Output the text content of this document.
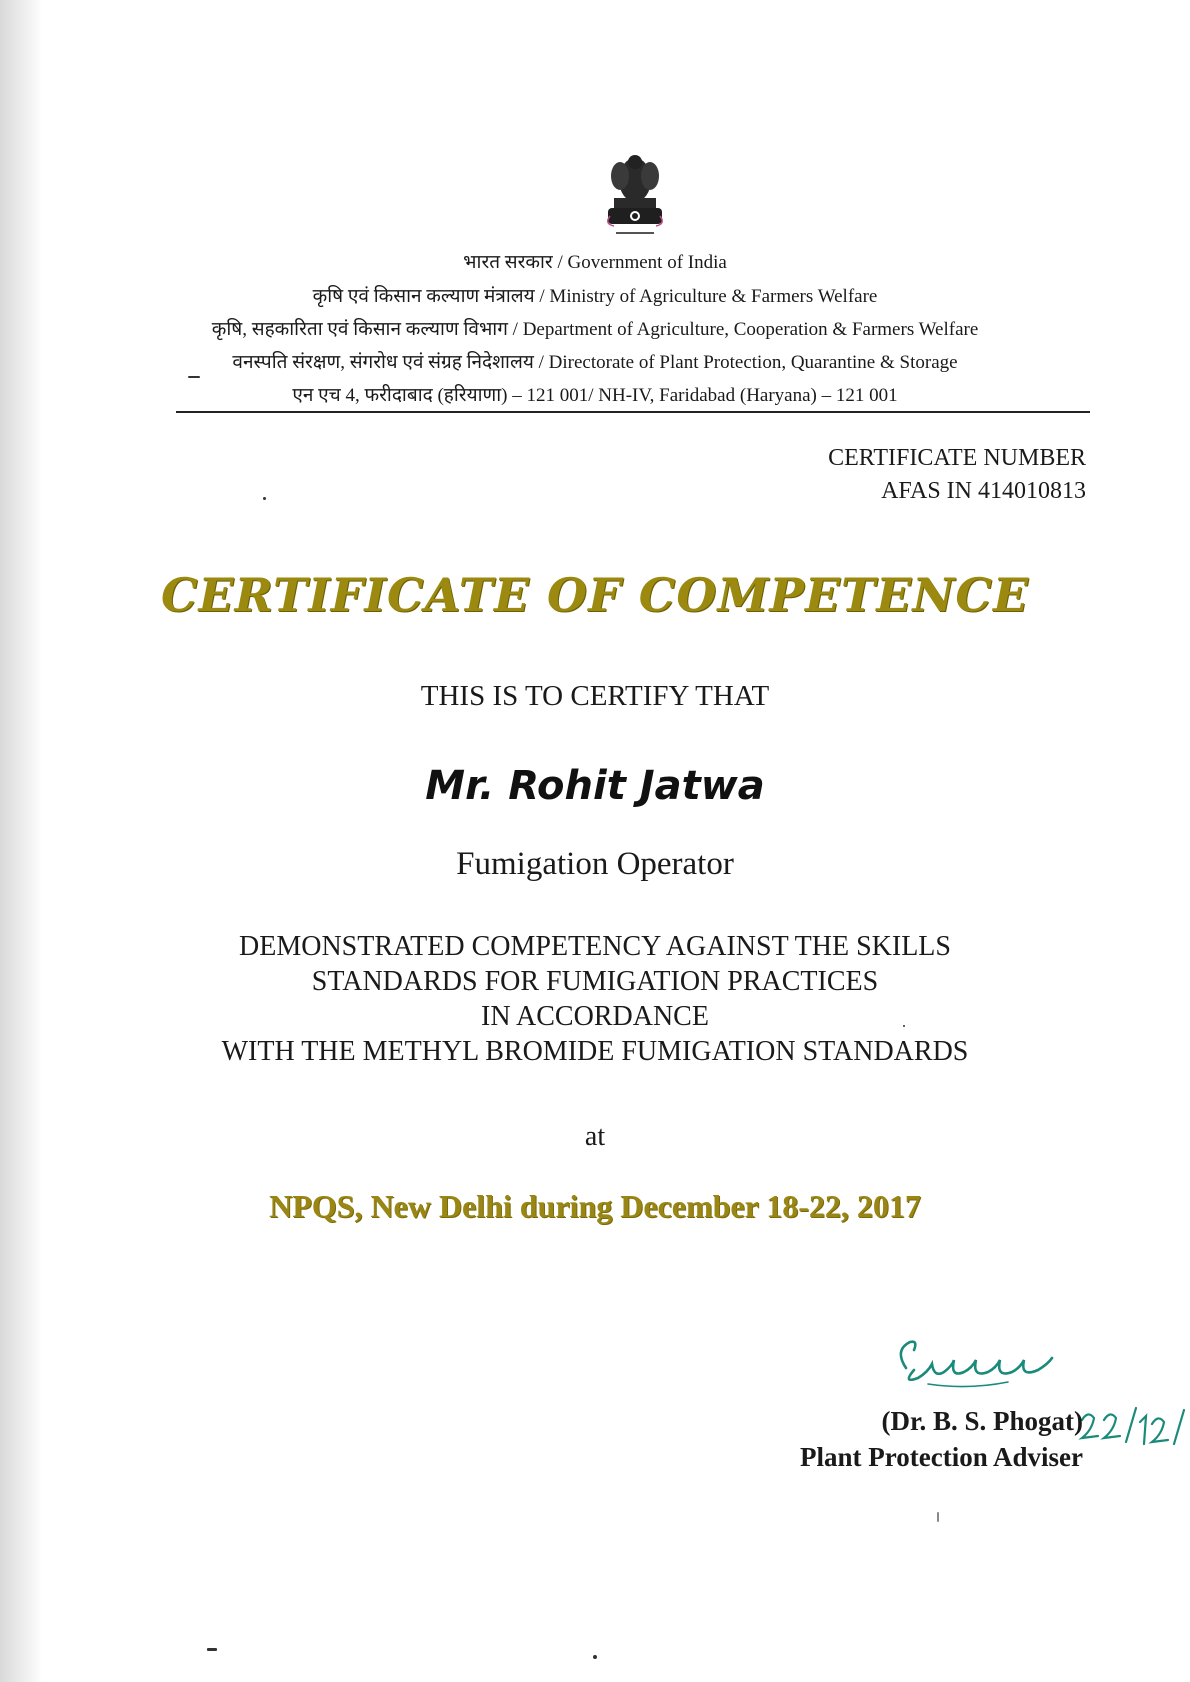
भारत सरकार / Government of India
कृषि एवं किसान कल्याण मंत्रालय / Ministry of Agriculture & Farmers Welfare
कृषि, सहकारिता एवं किसान कल्याण विभाग / Department of Agriculture, Cooperation & Farmers Welfare
वनस्पति संरक्षण, संगरोध एवं संग्रह निदेशालय / Directorate of Plant Protection, Quarantine & Storage
एन एच 4, फरीदाबाद (हरियाणा) – 121 001/ NH-IV, Faridabad (Haryana) – 121 001
CERTIFICATE NUMBER
AFAS IN 414010813
CERTIFICATE OF COMPETENCE
THIS IS TO CERTIFY THAT
Mr. Rohit Jatwa
Fumigation Operator
DEMONSTRATED COMPETENCY AGAINST THE SKILLS
STANDARDS FOR FUMIGATION PRACTICES
IN ACCORDANCE
WITH THE METHYL BROMIDE FUMIGATION STANDARDS
at
NPQS, New Delhi during December 18-22, 2017
(Dr. B. S. Phogat)
Plant Protection Adviser
